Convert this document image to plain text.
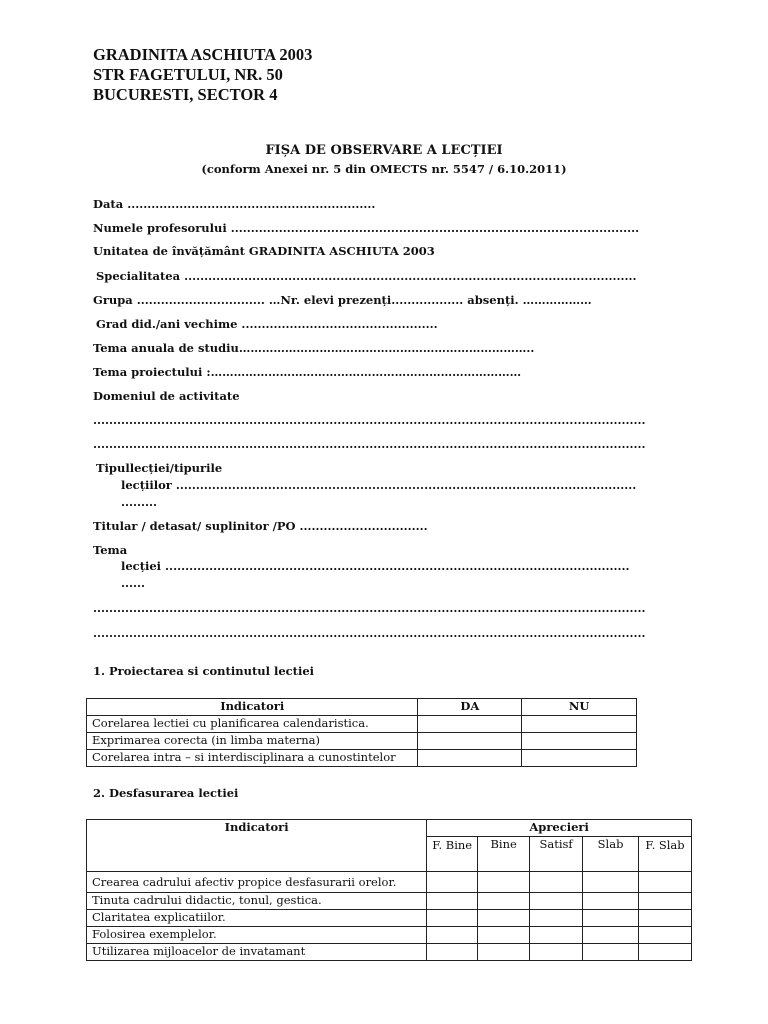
GRADINITA ASCHIUTA 2003
STR FAGETULUI, NR. 50
BUCURESTI, SECTOR 4
FIȘA DE OBSERVARE A LECȚIEI
(conform Anexei nr. 5 din OMECTS nr. 5547 / 6.10.2011)
Data ..............................................................
Numele profesorului ......................................................................................................
Unitatea de învățământ GRADINITA ASCHIUTA 2003
Specialitatea .................................................................................................................
Grupa ................................ …Nr. elevi prezenți.................. absenți. ………………
Grad did./ani vechime .................................................
Tema anuala de studiu…………………………………………………………………..
Tema proiectului :………………………………………………………………………
Domeniul de activitate
..........................................................................................................................................
..........................................................................................................................................
Tipullecției/tipurile
lecțiilor ...................................................................................................................
.........
Titular / detasat/ suplinitor /PO ................................
Tema
lecției ....................................................................................................................
......
..........................................................................................................................................
..........................................................................................................................................
1. Proiectarea si continutul lectiei
Indicatori	DA	NU
Corelarea lectiei cu planificarea calendaristica.		
Exprimarea corecta (in limba materna)		
Corelarea intra – si interdisciplinara a cunostintelor		
2. Desfasurarea lectiei
Indicatori	Aprecieri				
	F. Bine	Bine	Satisf	Slab	F. Slab
Crearea cadrului afectiv propice desfasurarii orelor.					
Tinuta cadrului didactic, tonul, gestica.					
Claritatea explicatiilor.					
Folosirea exemplelor.					
Utilizarea mijloacelor de invatamant					
